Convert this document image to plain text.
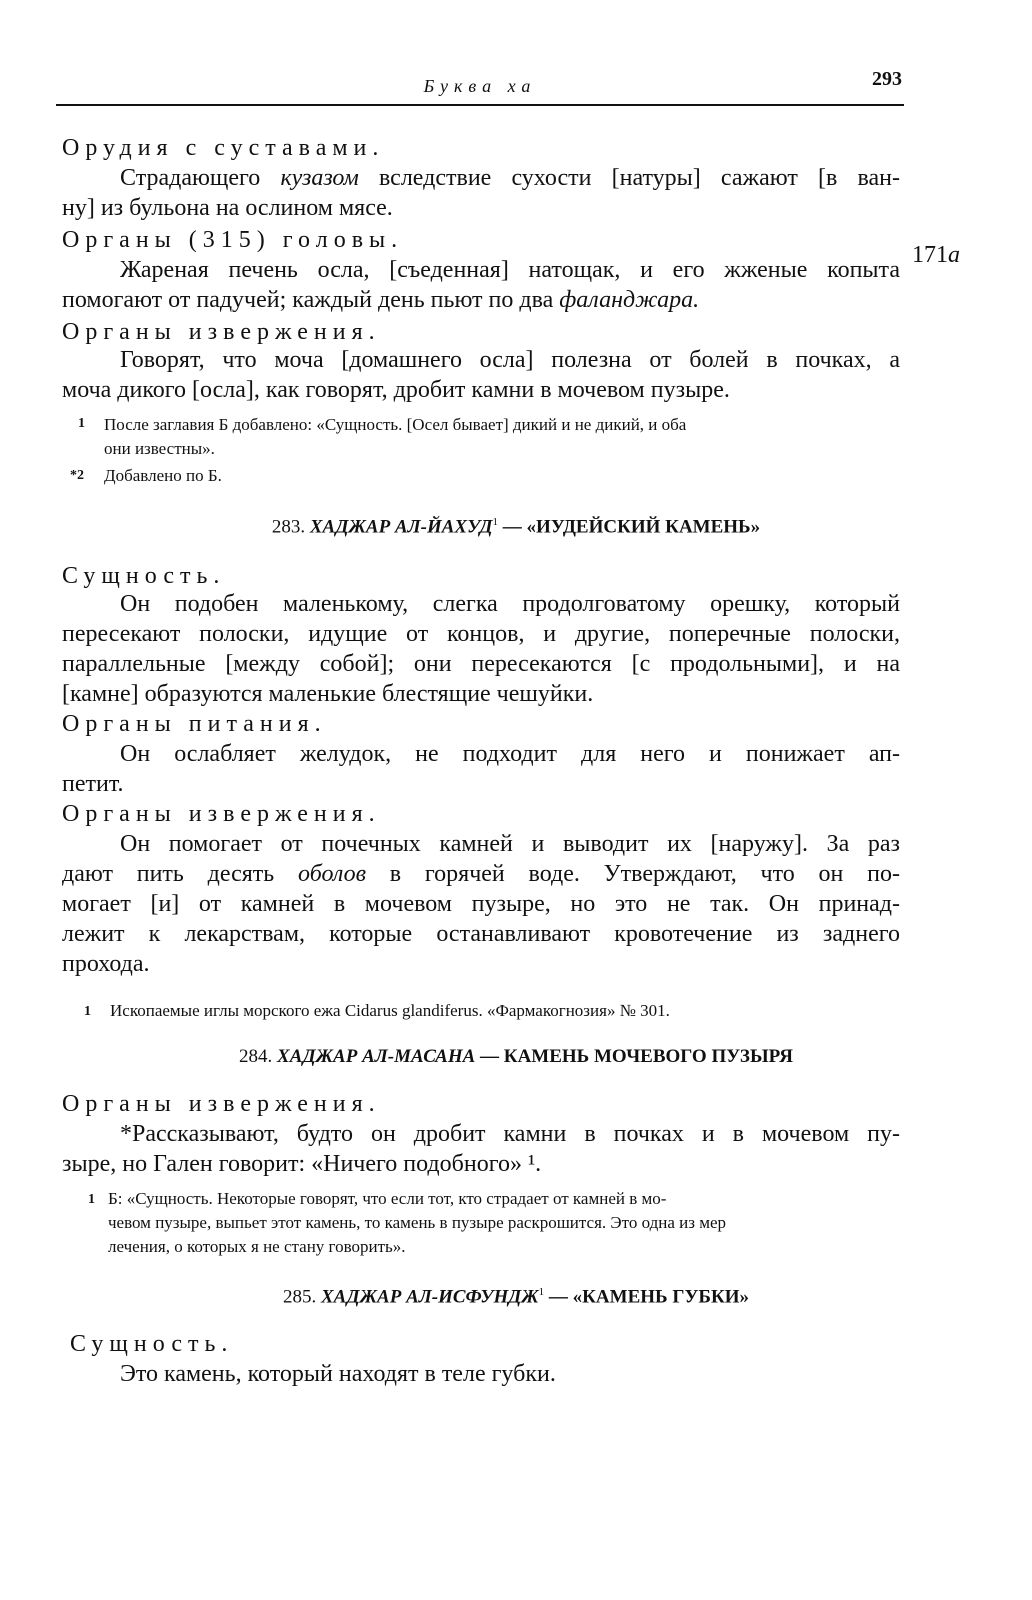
Буква ха	293
171а
Орудия с суставами.
Страдающего кузазом вследствие сухости [натуры] сажают [в ван-
ну] из бульона на ослином мясе.
Органы (315) головы.
Жареная печень осла, [съеденная] натощак, и его жженые копыта
помогают от падучей; каждый день пьют по два фаланджара.
Органы извержения.
Говорят, что моча [домашнего осла] полезна от болей в почках, а
моча дикого [осла], как говорят, дробит камни в мочевом пузыре.
1 После заглавия Б добавлено: «Сущность. [Осел бывает] дикий и не дикий, и оба
они известны».
*2 Добавлено по Б.
283. ХАДЖАР АЛ-ЙАХУД$^1$ — «ИУДЕЙСКИЙ КАМЕНЬ»
Сущность.
Он подобен маленькому, слегка продолговатому орешку, который
пересекают полоски, идущие от концов, и другие, поперечные полоски,
параллельные [между собой]; они пересекаются [с продольными], и на
[камне] образуются маленькие блестящие чешуйки.
Органы питания.
Он ослабляет желудок, не подходит для него и понижает ап-
петит.
Органы извержения.
Он помогает от почечных камней и выводит их [наружу]. За раз
дают пить десять оболов в горячей воде. Утверждают, что он по-
могает [и] от камней в мочевом пузыре, но это не так. Он принад-
лежит к лекарствам, которые останавливают кровотечение из заднего
прохода.
1 Ископаемые иглы морского ежа Cidarus glandiferus. «Фармакогнозия» № 301.
284. ХАДЖАР АЛ-МАСАНА — КАМЕНЬ МОЧЕВОГО ПУЗЫРЯ
Органы извержения.
*Рассказывают, будто он дробит камни в почках и в мочевом пу-
зыре, но Гален говорит: «Ничего подобного» ¹.
1 Б: «Сущность. Некоторые говорят, что если тот, кто страдает от камней в мо-
чевом пузыре, выпьет этот камень, то камень в пузыре раскрошится. Это одна из мер
лечения, о которых я не стану говорить».
285. ХАДЖАР АЛ-ИСФУНДЖ$^1$ — «КАМЕНЬ ГУБКИ»
Сущность.
Это камень, который находят в теле губки.
